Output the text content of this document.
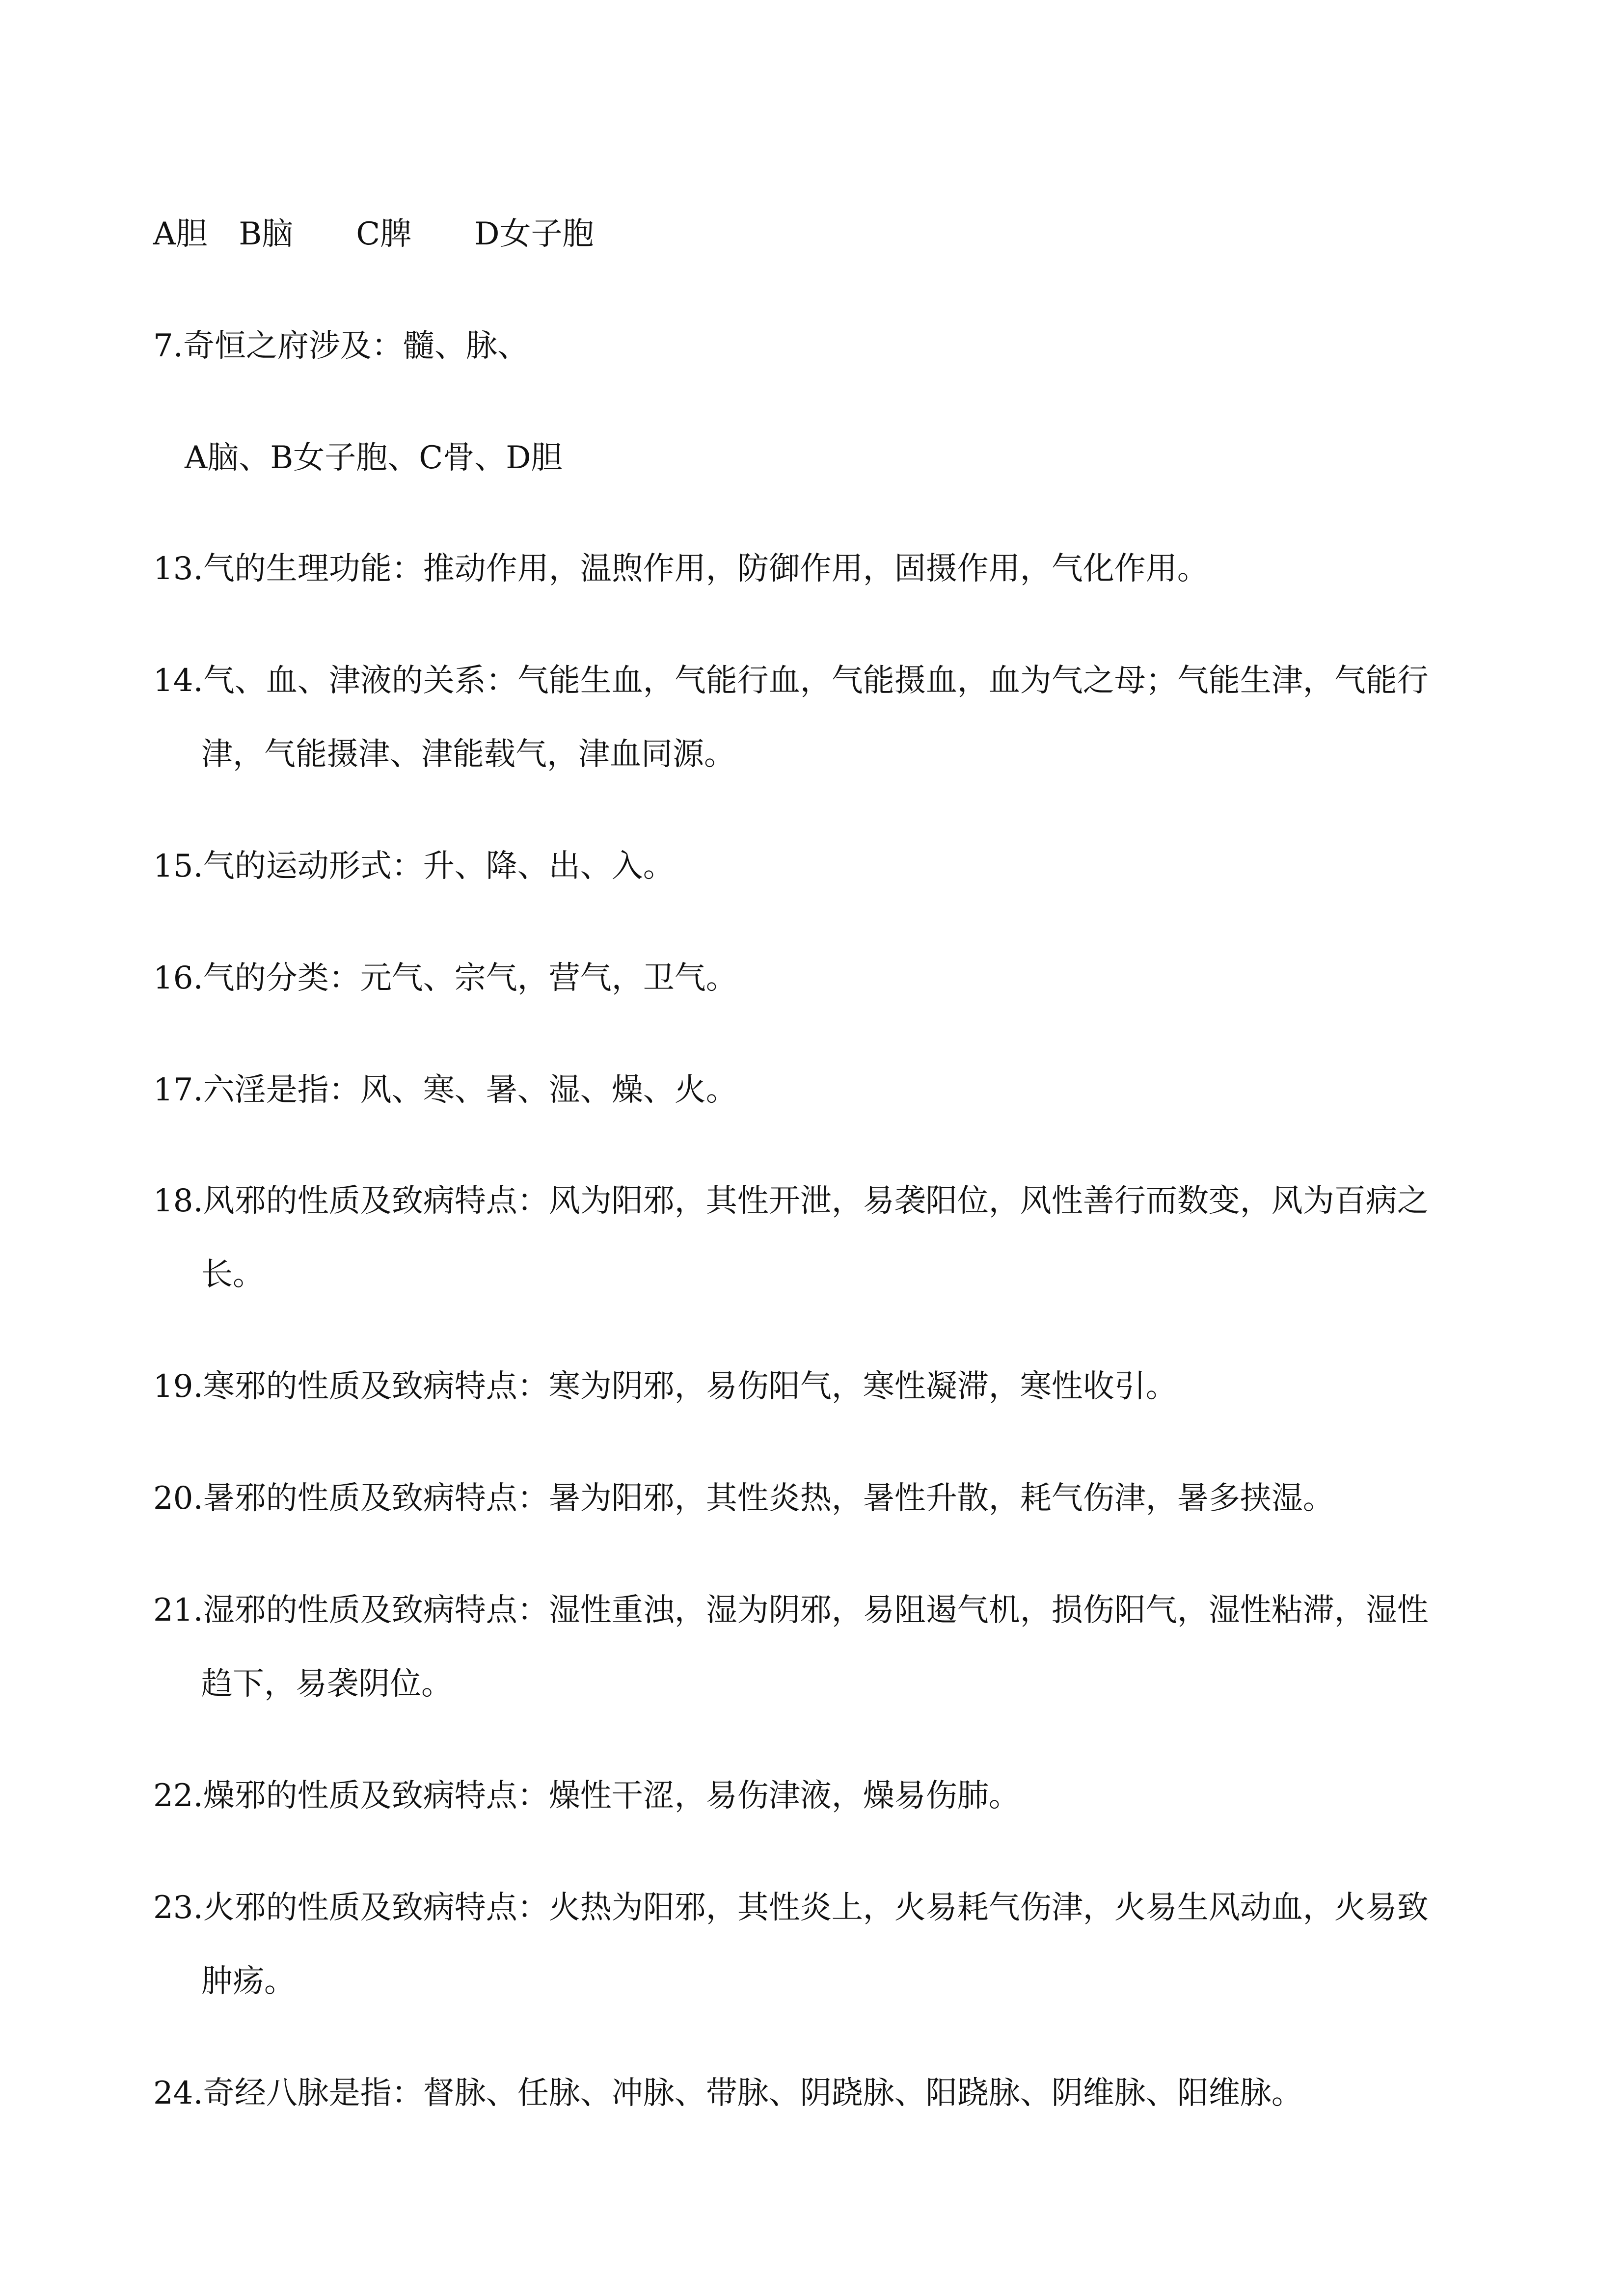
A胆　B脑　　C脾　　D女子胞
7.奇恒之府涉及：髓、脉、
A脑、B女子胞、C骨、D胆
13.气的生理功能：推动作用，温煦作用，防御作用，固摄作用，气化作用。
14.气、血、津液的关系：气能生血，气能行血，气能摄血，血为气之母；气能生津，气能行
津，气能摄津、津能载气，津血同源。
15.气的运动形式：升、降、出、入。
16.气的分类：元气、宗气，营气，卫气。
17.六淫是指：风、寒、暑、湿、燥、火。
18.风邪的性质及致病特点：风为阳邪，其性开泄，易袭阳位，风性善行而数变，风为百病之
长。
19.寒邪的性质及致病特点：寒为阴邪，易伤阳气，寒性凝滞，寒性收引。
20.暑邪的性质及致病特点：暑为阳邪，其性炎热，暑性升散，耗气伤津，暑多挟湿。
21.湿邪的性质及致病特点：湿性重浊，湿为阴邪，易阻遏气机，损伤阳气，湿性粘滞，湿性
趋下，易袭阴位。
22.燥邪的性质及致病特点：燥性干涩，易伤津液，燥易伤肺。
23.火邪的性质及致病特点：火热为阳邪，其性炎上，火易耗气伤津，火易生风动血，火易致
肿疡。
24.奇经八脉是指：督脉、任脉、冲脉、带脉、阴跷脉、阳跷脉、阴维脉、阳维脉。
